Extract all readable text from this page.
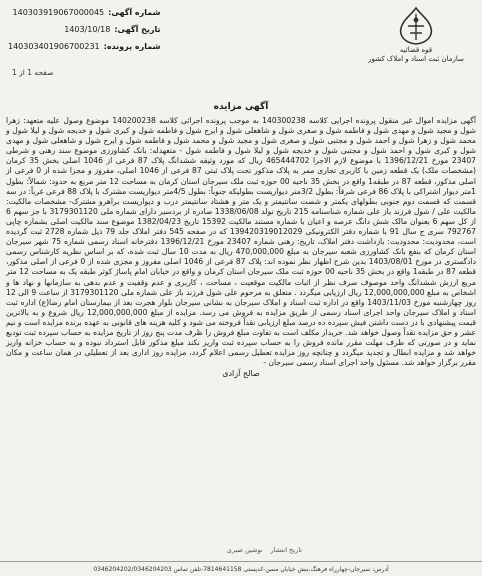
شماره آگهی:
140303919067000045
تاریخ آگهی:
1403/10/18
شماره پرونده:
140303401906700231
صفحه 1 از 1
قوه قضائیه
سازمان ثبت اسناد و املاک کشور
آگهی مزایده

آگهی مزایده اموال غیر منقول پرونده اجرایی کلاسه 140300238 به موجب پرونده اجرائی کلاسه 140200238 موضوع وصول علیه متعهد: زهرا شول و مجید شول و مهدی شول و فاطمه شول و صغری شول و شاهعلی شول و ایرج شول و فاطمه شول و کبری شول و خدیجه شول و لیلا شول و محمد شول و زهرا شول و احمد شول و مجتبی شول و صغری شول و مجید شول و محمد شول و فاطمه شول و ایرج شول و شاهعلی شول و مهدی شول و کبری شول و احمد شول و مجتبی شول و خدیجه شول و لیلا شول و فاطمه شول - متعهدله: بانک کشاورزی موضوع سند رهنی و شرطی 23407 مورخ 1396/12/21 با موضوع لازم الاجرا 465444702 ریال که مورد وثیقه ششدانگ پلاک 87 فرعی از 1046 اصلی بخش 35 کرمان (مشخصات ملک) یک قطعه زمین با کاربری تجاری ممر به پلاک مذکور تحت پلاک ثبتی 87 فرعی از 1046 اصلی، مفروز و مجزا شده از 0 فرعی از اصلی مذکور، قطعه 87 در طبقه1 واقع در بخش 35 ناحیه 00 حوزه ثبت ملک سیرجان استان کرمان به مساحت 12 متر مربع به حدود: شمالاً: بطول 1متر دیوار اشتراکی با پلاک 86 فرعی شرقاً: بطول 3/2متر دیواریست بطولیکه جنوباً: بطول 4/5متر دیواریست مشترک با پلاک 88 فرعی غرباً: در سه قسمت که قسمت دوم جنوبی بطولهای یکمتر و شصت سانتیمتر و یک متر و هشتاد سانتیمتر درب و دیواریست براهرو مشترک- مشخصات مالکیت: مالکیت علی / شول فرزند باز علی شماره شناسنامه 215 تاریخ تولد 1338/06/08 صادره از بردسیر دارای شماره ملی 3179301120 با جز سهم 6 از کل سهم 6 بعنوان مالک شش دانگ عرصه و اعیان با شماره مستند مالکیت 15392 تاریخ 1382/04/23 موضوع سند مالکیت اصلی بشماره چاپی 792767 سری ج سال 91 با شماره دفتر الکترونیکی 139420319012029 که در صفحه 545 دفتر املاک جلد 79 ذیل شماره 2728 ثبت گردیده است، محدودیت: محدودیت: بازداشت دفتر املاک، تاریخ: رهنی شماره 23407 مورخ 1396/12/21 دفترخانه اسناد رسمی شماره 75 شهر سیرجان استان کرمان که بنفع بانک کشاورزی شعبه سیرجان به مبلغ 470,000,000 ریال به مدت 10 سال ثبت شده، که بر اساس نظریه کارشناس رسمی دادگستری در مورخ 1403/08/01 بدین شرح اظهار نظر نموده اند: پلاک 87 فرعی از 1046 اصلی مفروز و مجزی شده از 0 فرعی از اصلی مذکور، قطعه 87 در طبقه1 واقع در بخش 35 ناحیه 00 حوزه ثبت ملک سیرجان استان کرمان و واقع در خیابان امام پاساژ کوثر طبقه یک به مساحت 12 متر مربع ارزش ششدانگ واحد موصوف صرف نظر از اثبات مالکیت موقعیت ، مساحت ، کاربری و عدم وقفیت و عدم بدهی به سازمانها و نهاد ها و اشخاص به مبلغ 12,000,000,000 ریال ارزیابی میگردد . متعلق به مرحوم علی شول فرزند باز علی شماره ملی 3179301120 از ساعت 9 الی 12 روز چهارشنبه مورخ 1403/11/03 واقع در اداره ثبت اسناد و املاک سیرجان به نشانی سیرجان بلوار هجرت بعد از بیمارستان امام رضا(ع) اداره ثبت اسناد و املاک سیرجان واحد اجرای اسناد رسمی از طریق مزایده به فروش می رسد. مزایده از مبلغ 12,000,000,000 ریال شروع و به بالاترین قیمت پیشنهادی با در دست داشتن فیش سپرده ده درصد مبلغ ارزیابی نقداً فروخته می شود و کلیه هزینه های قانونی به عهده برنده مزایده است و نیم عشر و حق مزایده نقداً وصول خواهد شد. خریدار مکلف است به تفاوت مبلغ فروش را ظرف مدت پنج روز از تاریخ مزایده به حساب سپرده ثبت تودیع نماید و در صورتی که ظرف مهلت مقرر مانده فروش را به حساب سپرده ثبت واریز نکند مبلغ مذکور قابل استرداد نبوده و به حساب خزانه واریز خواهد شد و مزایده ابطال و تجدید میگردد و چنانچه روز مزایده تعطیل رسمی اعلام گردد، مزایده روز اداری بعد از تعطیلی در همان ساعت و مکان مقرر برگزار خواهد شد. مسئول واحد اجرای اسناد رسمی سیرجان -

صالح آزادی
تاریخ انتشار
نوشین صبری
آدرس: سیرجان-چهارراه فرهنگ،نبش خیابان مسن-کدپستی 7814641158-تلفن تماس 0346204202/0346204203
